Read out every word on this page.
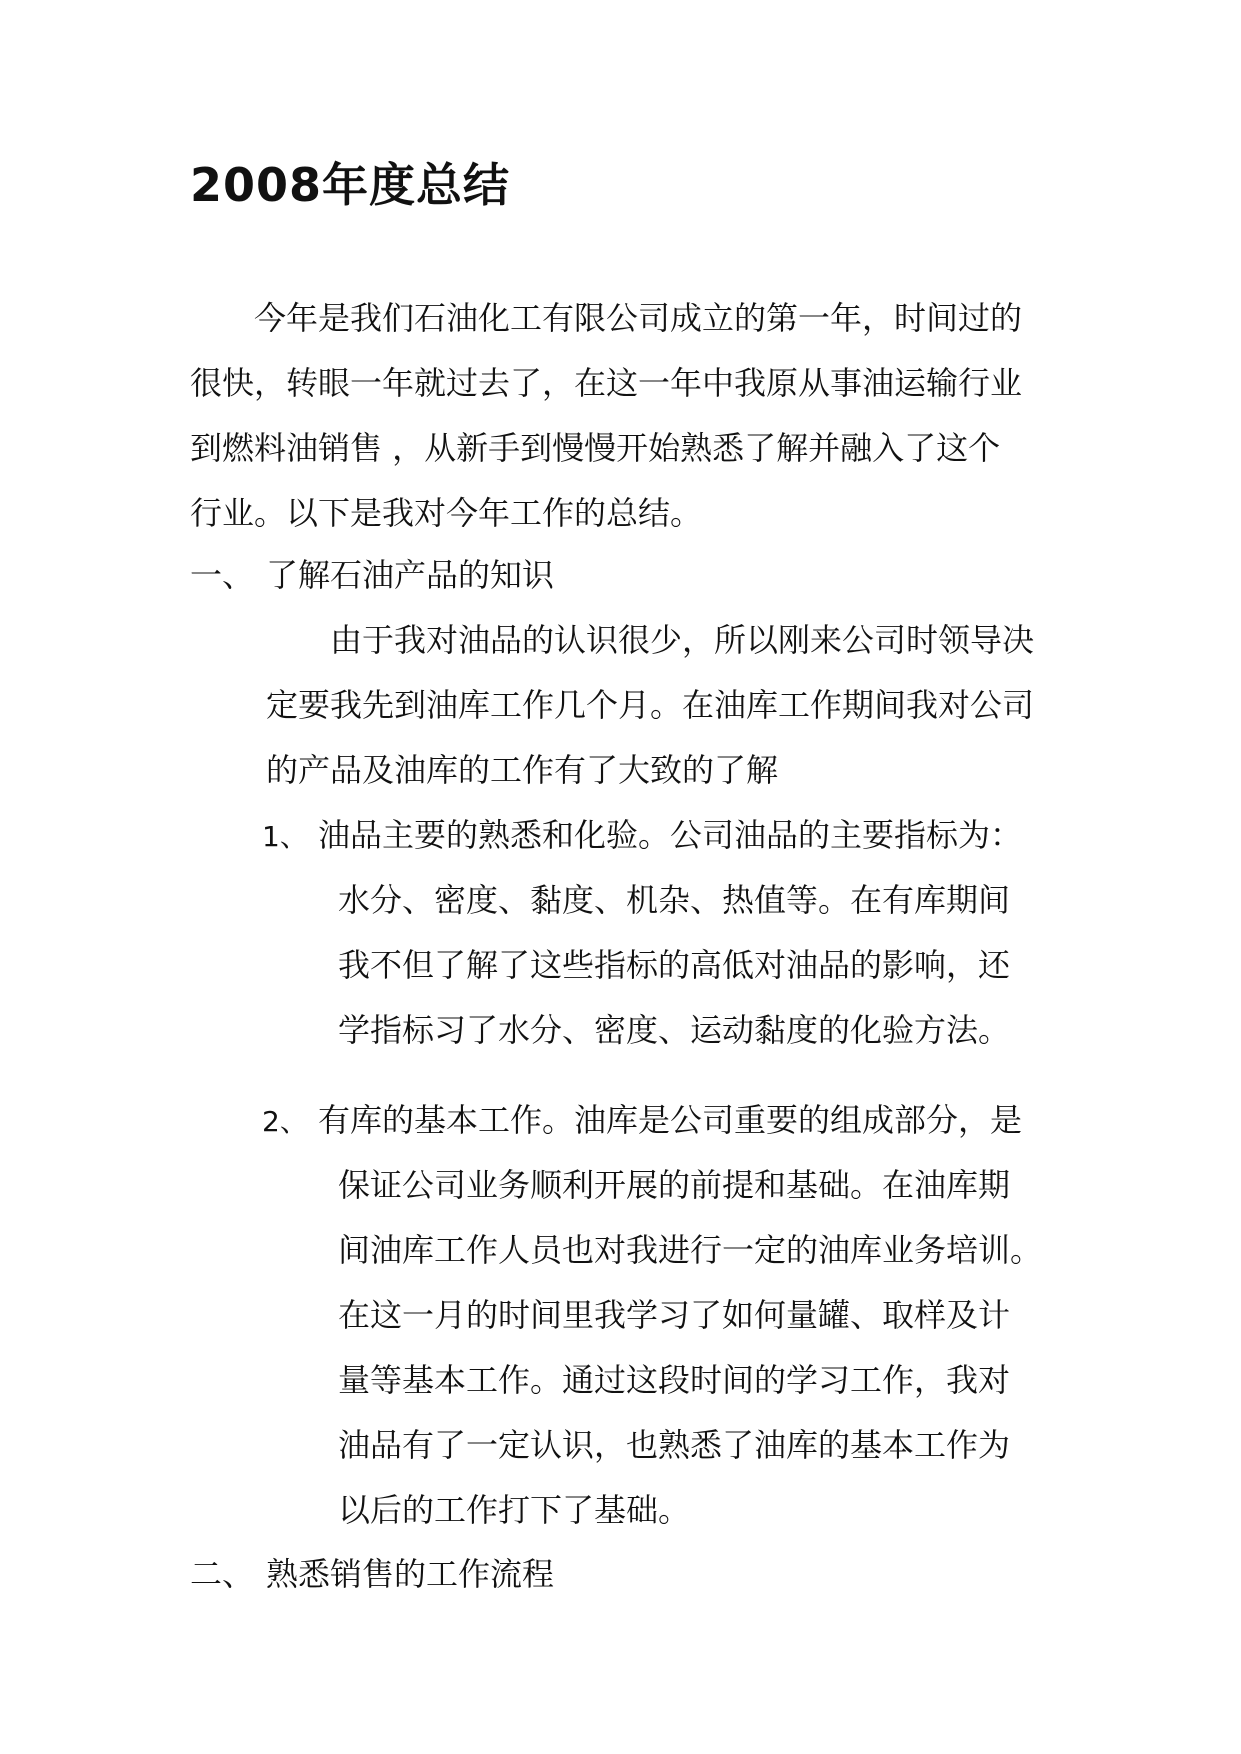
2008年度总结
　　今年是我们石油化工有限公司成立的第一年，时间过的
很快，转眼一年就过去了，在这一年中我原从事油运输行业
到燃料油销售 ，从新手到慢慢开始熟悉了解并融入了这个
行业。以下是我对今年工作的总结。
一、 了解石油产品的知识
　　由于我对油品的认识很少，所以刚来公司时领导决
定要我先到油库工作几个月。在油库工作期间我对公司
的产品及油库的工作有了大致的了解
1、 油品主要的熟悉和化验。公司油品的主要指标为：
水分、密度、黏度、机杂、热值等。在有库期间
我不但了解了这些指标的高低对油品的影响，还
学指标习了水分、密度、运动黏度的化验方法。
2、 有库的基本工作。油库是公司重要的组成部分，是
保证公司业务顺利开展的前提和基础。在油库期
间油库工作人员也对我进行一定的油库业务培训。
在这一月的时间里我学习了如何量罐、取样及计
量等基本工作。通过这段时间的学习工作，我对
油品有了一定认识，也熟悉了油库的基本工作为
以后的工作打下了基础。
二、 熟悉销售的工作流程
